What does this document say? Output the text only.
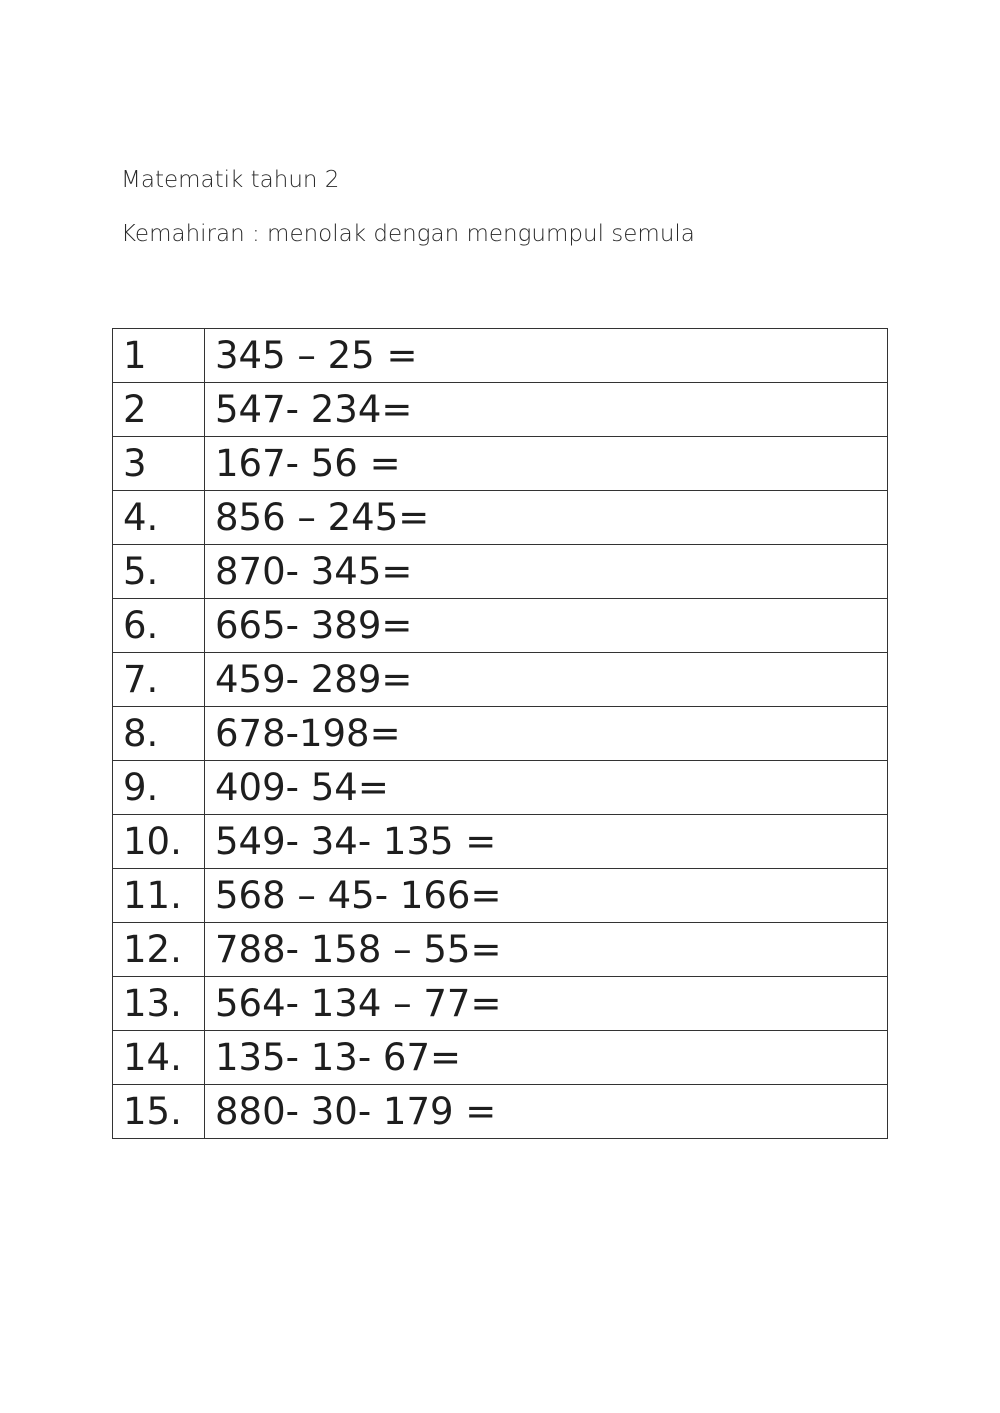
Matematik tahun 2
Kemahiran : menolak dengan mengumpul semula
1	345 – 25 =
2	547- 234=
3	167- 56 =
4.	856 – 245=
5.	870- 345=
6.	665- 389=
7.	459- 289=
8.	678-198=
9.	409- 54=
10.	549- 34- 135 =
11.	568 – 45- 166=
12.	788- 158 – 55=
13.	564- 134 – 77=
14.	135- 13- 67=
15.	880- 30- 179 =
